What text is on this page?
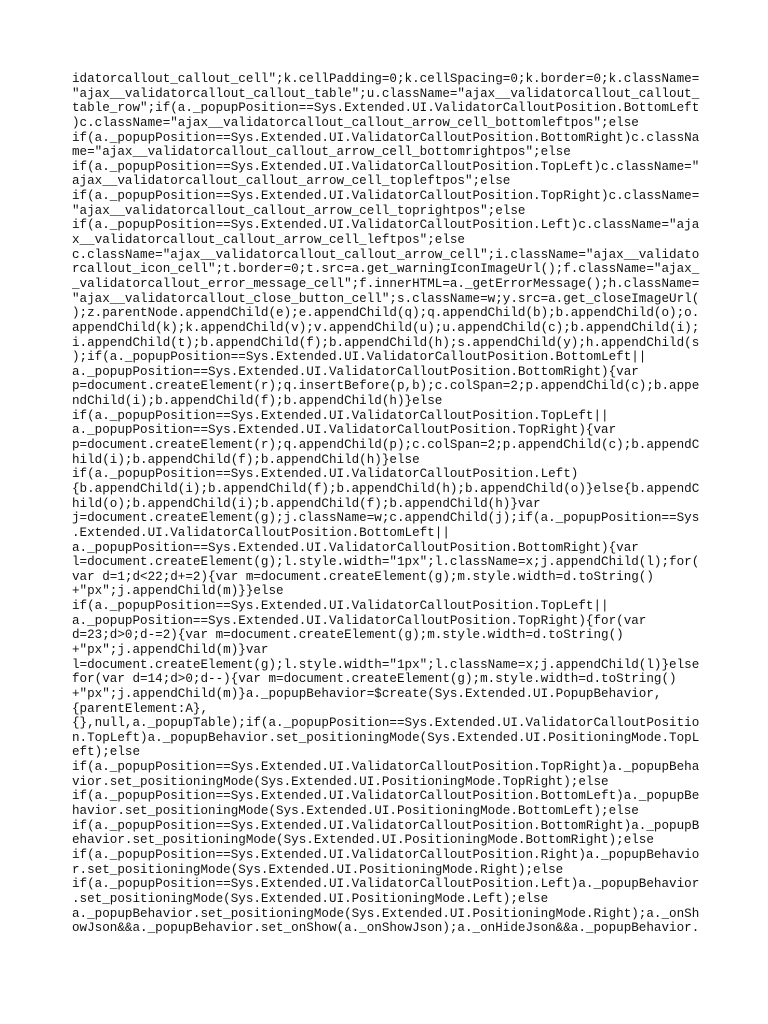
idatorcallout_callout_cell";k.cellPadding=0;k.cellSpacing=0;k.border=0;k.className=
"ajax__validatorcallout_callout_table";u.className="ajax__validatorcallout_callout_
table_row";if(a._popupPosition==Sys.Extended.UI.ValidatorCalloutPosition.BottomLeft
)c.className="ajax__validatorcallout_callout_arrow_cell_bottomleftpos";else
if(a._popupPosition==Sys.Extended.UI.ValidatorCalloutPosition.BottomRight)c.classNa
me="ajax__validatorcallout_callout_arrow_cell_bottomrightpos";else
if(a._popupPosition==Sys.Extended.UI.ValidatorCalloutPosition.TopLeft)c.className="
ajax__validatorcallout_callout_arrow_cell_topleftpos";else
if(a._popupPosition==Sys.Extended.UI.ValidatorCalloutPosition.TopRight)c.className=
"ajax__validatorcallout_callout_arrow_cell_toprightpos";else
if(a._popupPosition==Sys.Extended.UI.ValidatorCalloutPosition.Left)c.className="aja
x__validatorcallout_callout_arrow_cell_leftpos";else
c.className="ajax__validatorcallout_callout_arrow_cell";i.className="ajax__validato
rcallout_icon_cell";t.border=0;t.src=a.get_warningIconImageUrl();f.className="ajax_
_validatorcallout_error_message_cell";f.innerHTML=a._getErrorMessage();h.className=
"ajax__validatorcallout_close_button_cell";s.className=w;y.src=a.get_closeImageUrl(
);z.parentNode.appendChild(e);e.appendChild(q);q.appendChild(b);b.appendChild(o);o.
appendChild(k);k.appendChild(v);v.appendChild(u);u.appendChild(c);b.appendChild(i);
i.appendChild(t);b.appendChild(f);b.appendChild(h);s.appendChild(y);h.appendChild(s
);if(a._popupPosition==Sys.Extended.UI.ValidatorCalloutPosition.BottomLeft||
a._popupPosition==Sys.Extended.UI.ValidatorCalloutPosition.BottomRight){var
p=document.createElement(r);q.insertBefore(p,b);c.colSpan=2;p.appendChild(c);b.appe
ndChild(i);b.appendChild(f);b.appendChild(h)}else
if(a._popupPosition==Sys.Extended.UI.ValidatorCalloutPosition.TopLeft||
a._popupPosition==Sys.Extended.UI.ValidatorCalloutPosition.TopRight){var
p=document.createElement(r);q.appendChild(p);c.colSpan=2;p.appendChild(c);b.appendC
hild(i);b.appendChild(f);b.appendChild(h)}else
if(a._popupPosition==Sys.Extended.UI.ValidatorCalloutPosition.Left)
{b.appendChild(i);b.appendChild(f);b.appendChild(h);b.appendChild(o)}else{b.appendC
hild(o);b.appendChild(i);b.appendChild(f);b.appendChild(h)}var
j=document.createElement(g);j.className=w;c.appendChild(j);if(a._popupPosition==Sys
.Extended.UI.ValidatorCalloutPosition.BottomLeft||
a._popupPosition==Sys.Extended.UI.ValidatorCalloutPosition.BottomRight){var
l=document.createElement(g);l.style.width="1px";l.className=x;j.appendChild(l);for(
var d=1;d<22;d+=2){var m=document.createElement(g);m.style.width=d.toString()
+"px";j.appendChild(m)}}else
if(a._popupPosition==Sys.Extended.UI.ValidatorCalloutPosition.TopLeft||
a._popupPosition==Sys.Extended.UI.ValidatorCalloutPosition.TopRight){for(var
d=23;d>0;d-=2){var m=document.createElement(g);m.style.width=d.toString()
+"px";j.appendChild(m)}var
l=document.createElement(g);l.style.width="1px";l.className=x;j.appendChild(l)}else
for(var d=14;d>0;d--){var m=document.createElement(g);m.style.width=d.toString()
+"px";j.appendChild(m)}a._popupBehavior=$create(Sys.Extended.UI.PopupBehavior,
{parentElement:A},
{},null,a._popupTable);if(a._popupPosition==Sys.Extended.UI.ValidatorCalloutPositio
n.TopLeft)a._popupBehavior.set_positioningMode(Sys.Extended.UI.PositioningMode.TopL
eft);else
if(a._popupPosition==Sys.Extended.UI.ValidatorCalloutPosition.TopRight)a._popupBeha
vior.set_positioningMode(Sys.Extended.UI.PositioningMode.TopRight);else
if(a._popupPosition==Sys.Extended.UI.ValidatorCalloutPosition.BottomLeft)a._popupBe
havior.set_positioningMode(Sys.Extended.UI.PositioningMode.BottomLeft);else
if(a._popupPosition==Sys.Extended.UI.ValidatorCalloutPosition.BottomRight)a._popupB
ehavior.set_positioningMode(Sys.Extended.UI.PositioningMode.BottomRight);else
if(a._popupPosition==Sys.Extended.UI.ValidatorCalloutPosition.Right)a._popupBehavio
r.set_positioningMode(Sys.Extended.UI.PositioningMode.Right);else
if(a._popupPosition==Sys.Extended.UI.ValidatorCalloutPosition.Left)a._popupBehavior
.set_positioningMode(Sys.Extended.UI.PositioningMode.Left);else
a._popupBehavior.set_positioningMode(Sys.Extended.UI.PositioningMode.Right);a._onSh
owJson&&a._popupBehavior.set_onShow(a._onShowJson);a._onHideJson&&a._popupBehavior.
